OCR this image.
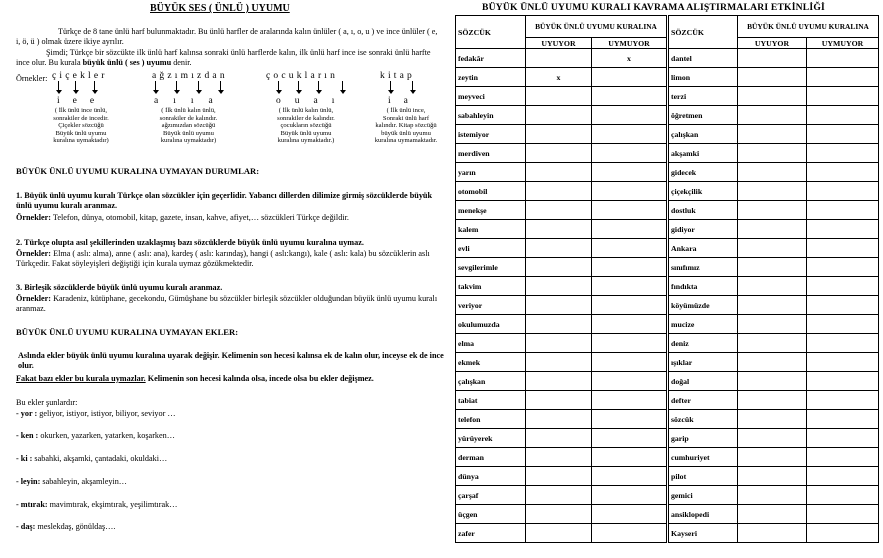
BÜYÜK SES ( ÜNLÜ ) UYUMU
Türkçe de 8 tane ünlü harf bulunmaktadır. Bu ünlü harfler de aralarında kalın ünlüler ( a, ı, o, u ) ve ince ünlüler ( e, i, ö, ü ) olmak üzere ikiye ayrılır.
Şimdi; Türkçe bir sözcükte ilk ünlü harf kalınsa sonraki ünlü harflerde kalın, ilk ünlü harf ince ise sonraki ünlü harfte ince olur. Bu kurala büyük ünlü ( ses ) uyumu denir.
Örnekler: çiçekler
iee
( İlk ünlü ince ünlü,
sonrakiler de incedir.
Çiçekler sözcüğü
Büyük ünlü uyumu
kuralına uymaktadır)
ağzımızdan
aııa
( İlk ünlü kalın ünlü,
sonrakiler de kalındır.
ağzımızdan sözcüğü
Büyük ünlü uyumu
kuralına uymaktadır)
çocukların
ouaı
( İlk ünlü kalın ünlü,
sonrakiler de kalındır.
çocukların sözcüğü
Büyük ünlü uyumu
kuralına uymaktadır.)
kitap
ia
( İlk ünlü ince,
Sonraki ünlü harf
kalındır. Kitap sözcüğü
büyük ünlü uyumu
kuralına uymamaktadır.
BÜYÜK ÜNLÜ UYUMU KURALINA UYMAYAN DURUMLAR:
1. Büyük ünlü uyumu kuralı Türkçe olan sözcükler için geçerlidir. Yabancı dillerden dilimize girmiş sözcüklerde büyük ünlü uyumu kuralı aranmaz.
Örnekler: Telefon, dünya, otomobil, kitap, gazete, insan, kahve, afiyet,… sözcükleri Türkçe değildir.
2. Türkçe olupta asıl şekillerinden uzaklaşmış bazı sözcüklerde büyük ünlü uyumu kuralına uymaz.
Örnekler: Elma ( aslı: alma), anne ( aslı: ana), kardeş ( aslı: karındaş), hangi ( aslı:kangı), kale ( aslı: kala) bu sözcüklerin aslı Türkçedir. Fakat söyleyişleri değiştiği için kurala uymaz gözükmektedir.
3. Birleşik sözcüklerde büyük ünlü uyumu kuralı aranmaz.
Örnekler: Karadeniz, kütüphane, gecekondu, Gümüşhane bu sözcükler birleşik sözcükler olduğundan büyük ünlü uyumu kuralı aranmaz.
BÜYÜK ÜNLÜ UYUMU KURALINA UYMAYAN EKLER:
Aslında ekler büyük ünlü uyumu kuralına uyarak değişir. Kelimenin son hecesi kalınsa ek de kalın olur, inceyse ek de ince olur.
Fakat bazı ekler bu kurala uymazlar. Kelimenin son hecesi kalında olsa, incede olsa bu ekler değişmez.
Bu ekler şunlardır:
- yor : geliyor, istiyor, istiyor, biliyor, seviyor …
- ken : okurken, yazarken, yatarken, koşarken…
- ki : sabahki, akşamki, çantadaki, okuldaki…
- leyin: sabahleyin, akşamleyin…
- mtırak: mavimtırak, ekşimtırak, yeşilimtırak…
- daş: meslekdaş, gönüldaş….
BÜYÜK ÜNLÜ UYUMU KURALI KAVRAMA ALIŞTIRMALARI ETKİNLİĞİ
SÖZCÜK	BÜYÜK ÜNLÜ UYUMU KURALINA		SÖZCÜK	BÜYÜK ÜNLÜ UYUMU KURALINA	
	UYUYOR	UYMUYOR		UYUYOR	UYMUYOR
fedakâr		x	dantel		
zeytin	x		limon		
meyveci			terzi		
sabahleyin			öğretmen		
istemiyor			çalışkan		
merdiven			akşamki		
yarın			gidecek		
otomobil			çiçekçilik		
menekşe			dostluk		
kalem			gidiyor		
evli			Ankara		
sevgilerimle			sınıfımız		
takvim			fındıkta		
veriyor			köyümüzde		
okulumuzda			mucize		
elma			deniz		
ekmek			ışıklar		
çalışkan			doğal		
tabiat			defter		
telefon			sözcük		
yürüyerek			garip		
derman			cumhuriyet		
dünya			pilot		
çarşaf			gemici		
üçgen			ansiklopedi		
zafer			Kayseri		
